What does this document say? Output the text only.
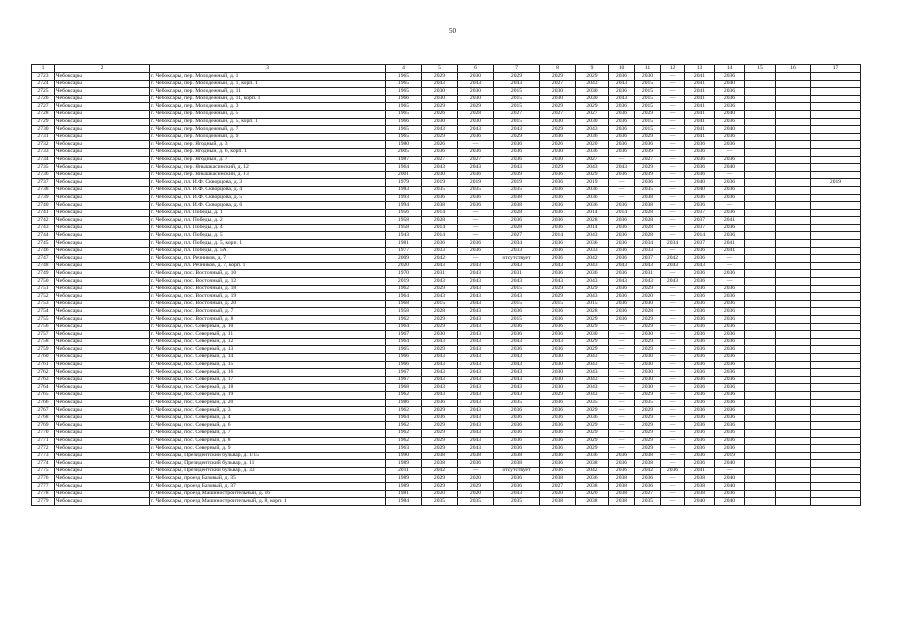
50
1	2	3	4	5	6	7	8	9	10	11	12	13	14	15	16	17
2723	Чебоксары	г. Чебоксары, пер. Молодежный, д. 1	1965	2029	2030	2029	2029	2029	2036	2030	—	2041	2036			
2724	Чебоксары	г. Чебоксары, пер. Молодежный, д. 1, корп. 1	1965	2043	2043	2043	2027	2043	2043	2015	—	2041	2040			
2725	Чебоксары	г. Чебоксары, пер. Молодежный, д. 11	1965	2030	2030	2015	2030	2030	2036	2015	—	2041	2036			
2726	Чебоксары	г. Чебоксары, пер. Молодежный, д. 11, корп. 1	1966	2030	2030	2015	2030	2030	2043	2015	—	2041	2036			
2727	Чебоксары	г. Чебоксары, пер. Молодежный, д. 3	1965	2029	2029	2015	2029	2029	2036	2015	—	2041	2036			
2728	Чебоксары	г. Чебоксары, пер. Молодежный, д. 5	1965	2026	2028	2027	2027	2027	2036	2029	—	2041	2040			
2729	Чебоксары	г. Чебоксары, пер. Молодежный, д. 5, корп. 1	1966	2030	2030	2015	2030	2030	2036	2015	—	2041	2036			
2730	Чебоксары	г. Чебоксары, пер. Молодежный, д. 7	1965	2043	2043	2043	2029	2043	2036	2015	—	2041	2040			
2731	Чебоксары	г. Чебоксары, пер. Молодежный, д. 9	1965	2029	2036	2029	2036	2036	2036	2029	—	2041	2036			
2732	Чебоксары	г. Чебоксары, пер. Ягодный, д. 3	1980	2026	—	2036	2026	2020	2036	2036	—	2036	2036			
2733	Чебоксары	г. Чебоксары, пер. Ягодный, д. 6, корп. 1	2005	2036	2036	2036	2030	2036	2036	2039	—	2036	—			
2734	Чебоксары	г. Чебоксары, пер. Ягодный, д. 7	1987	2027	2027	2036	2030	2027	—	2027	—	2036	2036			
2735	Чебоксары	г. Чебоксары, пер. Янышкасинский, д. 12	1964	2043	2043	2043	2029	2043	2043	2029	—	2036	2040			
2736	Чебоксары	г. Чебоксары, пер. Янышкасинский, д. 13	2001	2030	2036	2039	2036	2029	2036	2039	—	2036	—			
2737	Чебоксары	г. Чебоксары, пл. И.Ф. Скворцова, д. 3	1979	2019	2019	2019	2036	2019	—	2036	—	2040	2036			2019
2738	Чебоксары	г. Чебоксары, пл. И.Ф. Скворцова, д. 4	1983	2035	2035	2035	2036	2036	—	2035	—	2040	2036			
2739	Чебоксары	г. Чебоксары, пл. И.Ф. Скворцова, д. 5	1993	2036	2036	2038	2036	2036	—	2038	—	2036	2036			
2740	Чебоксары	г. Чебоксары, пл. И.Ф. Скворцова, д. 6	1994	2038	2036	2038	2036	2036	2036	2038	—	2036	—			
2741	Чебоксары	г. Чебоксары, пл. Победы, д. 1	1956	2014	—	2028	2036	2014	2014	2028	—	2037	2036			
2742	Чебоксары	г. Чебоксары, пл. Победы, д. 2	1958	2028	—	2036	2036	2028	2036	2028	—	2037	2041			
2743	Чебоксары	г. Чебоксары, пл. Победы, д. 4	1958	2014	—	2028	2036	2014	2036	2028	—	2037	2036			
2744	Чебоксары	г. Чебоксары, пл. Победы, д. 5	1943	2014	—	2027	2014	2043	2036	2028	—	2014	2036			
2745	Чебоксары	г. Чебоксары, пл. Победы, д. 5, корп. 1	1981	2036	2036	2034	2036	2036	2036	2034	2034	2037	2041			
2746	Чебоксары	г. Чебоксары, пл. Победы, д. 5А	1977	2033	2036	2033	2036	2033	2036	2033	—	2036	2041			
2747	Чебоксары	г. Чебоксары, пл. Речников, д. 7	2009	2042	—	отсутствует	2036	2042	2036	2037	2042	2036	—			
2748	Чебоксары	г. Чебоксары, пл. Речников, д. 7, корп. 1	2020	2043	2043	2043	2043	2043	2043	2043	2043	2043	—			
2749	Чебоксары	г. Чебоксары, пос. Восточный, д. 10	1970	2031	2043	2031	2036	2036	2036	2031	—	2036	2036			
2750	Чебоксары	г. Чебоксары, пос. Восточный, д. 12	2019	2043	2043	2043	2043	2043	2043	2043	2043	2036	—			
2751	Чебоксары	г. Чебоксары, пос. Восточный, д. 18	1962	2029	2043	2015	2029	2029	2036	2029	—	2036	2036			
2752	Чебоксары	г. Чебоксары, пос. Восточный, д. 19	1964	2043	2043	2043	2029	2043	2036	2020	—	2036	2036			
2753	Чебоксары	г. Чебоксары, пос. Восточный, д. 20	1968	2015	2043	2015	2015	2015	2036	2030	—	2036	2036			
2754	Чебоксары	г. Чебоксары, пос. Восточный, д. 7	1958	2028	2043	2036	2036	2028	2036	2028	—	2036	2036			
2755	Чебоксары	г. Чебоксары, пос. Восточный, д. 8	1962	2029	2043	2015	2036	2029	2036	2029	—	2036	2036			
2756	Чебоксары	г. Чебоксары, пос. Северный, д. 10	1964	2029	2043	2036	2036	2029	—	2029	—	2036	2036			
2757	Чебоксары	г. Чебоксары, пос. Северный, д. 11	1967	2030	2043	2036	2036	2030	—	2030	—	2036	2036			
2758	Чебоксары	г. Чебоксары, пос. Северный, д. 12	1964	2043	2043	2043	2043	2029	—	2029	—	2036	2036			
2759	Чебоксары	г. Чебоксары, пос. Северный, д. 13	1965	2029	2043	2036	2036	2029	—	2029	—	2036	2036			
2760	Чебоксары	г. Чебоксары, пос. Северный, д. 14	1966	2043	2043	2043	2030	2043	—	2030	—	2036	2036			
2761	Чебоксары	г. Чебоксары, пос. Северный, д. 15	1966	2043	2043	2043	2030	2043	—	2030	—	2036	2036			
2762	Чебоксары	г. Чебоксары, пос. Северный, д. 16	1967	2043	2043	2043	2030	2043	—	2030	—	2036	2036			
2763	Чебоксары	г. Чебоксары, пос. Северный, д. 17	1967	2043	2043	2043	2030	2043	—	2030	—	2036	2036			
2764	Чебоксары	г. Чебоксары, пос. Северный, д. 18	1968	2043	2043	2043	2030	2043	—	2030	—	2036	2036			
2765	Чебоксары	г. Чебоксары, пос. Северный, д. 19	1962	2043	2043	2043	2029	2043	—	2029	—	2036	2036			
2766	Чебоксары	г. Чебоксары, пос. Северный, д. 20	1986	2036	2043	2035	2036	2035	—	2035	—	2036	2036			
2767	Чебоксары	г. Чебоксары, пос. Северный, д. 3	1962	2029	2043	2036	2036	2029	—	2029	—	2036	2036			
2768	Чебоксары	г. Чебоксары, пос. Северный, д. 4	1964	2036	2043	2036	2036	2036	—	2029	—	2036	2036			
2769	Чебоксары	г. Чебоксары, пос. Северный, д. 6	1962	2029	2043	2036	2036	2029	—	2029	—	2036	2036			
2770	Чебоксары	г. Чебоксары, пос. Северный, д. 7	1962	2029	2043	2036	2036	2029	—	2029	—	2036	2036			
2771	Чебоксары	г. Чебоксары, пос. Северный, д. 8	1962	2029	2043	2036	2036	2029	—	2029	—	2036	2036			
2772	Чебоксары	г. Чебоксары, пос. Северный, д. 9	1963	2029	2043	2036	2036	2029	—	2029	—	2036	2036			
2773	Чебоксары	г. Чебоксары, Президентский бульвар, д. 1/15	1990	2038	2038	2038	2036	2036	2036	2038	—	2036	2019			
2774	Чебоксары	г. Чебоксары, Президентский бульвар, д. 11	1989	2038	2036	2038	2036	2038	2036	2038	—	2036	2040			
2775	Чебоксары	г. Чебоксары, Президентский бульвар, д. 33	2011	2042	—	отсутствует	2036	2042	2036	2042	2036	2041	—			
2776	Чебоксары	г. Чебоксары, проезд Базовый, д. 35	1989	2029	2020	2036	2038	2036	2038	2036	—	2038	2040			
2777	Чебоксары	г. Чебоксары, проезд Базовый, д. 37	1989	2029	2029	2036	2027	2038	2038	2036	—	2038	2040			
2778	Чебоксары	г. Чебоксары, проезд Машиностроительный, д. 16	1981	2020	2020	2043	2020	2020	2038	2027	—	2038	2036			
2779	Чебоксары	г. Чебоксары, проезд Машиностроительный, д. 8, корп. 1	1984	2035	2035	2035	2038	2038	2038	2035	—	2040	2040			
